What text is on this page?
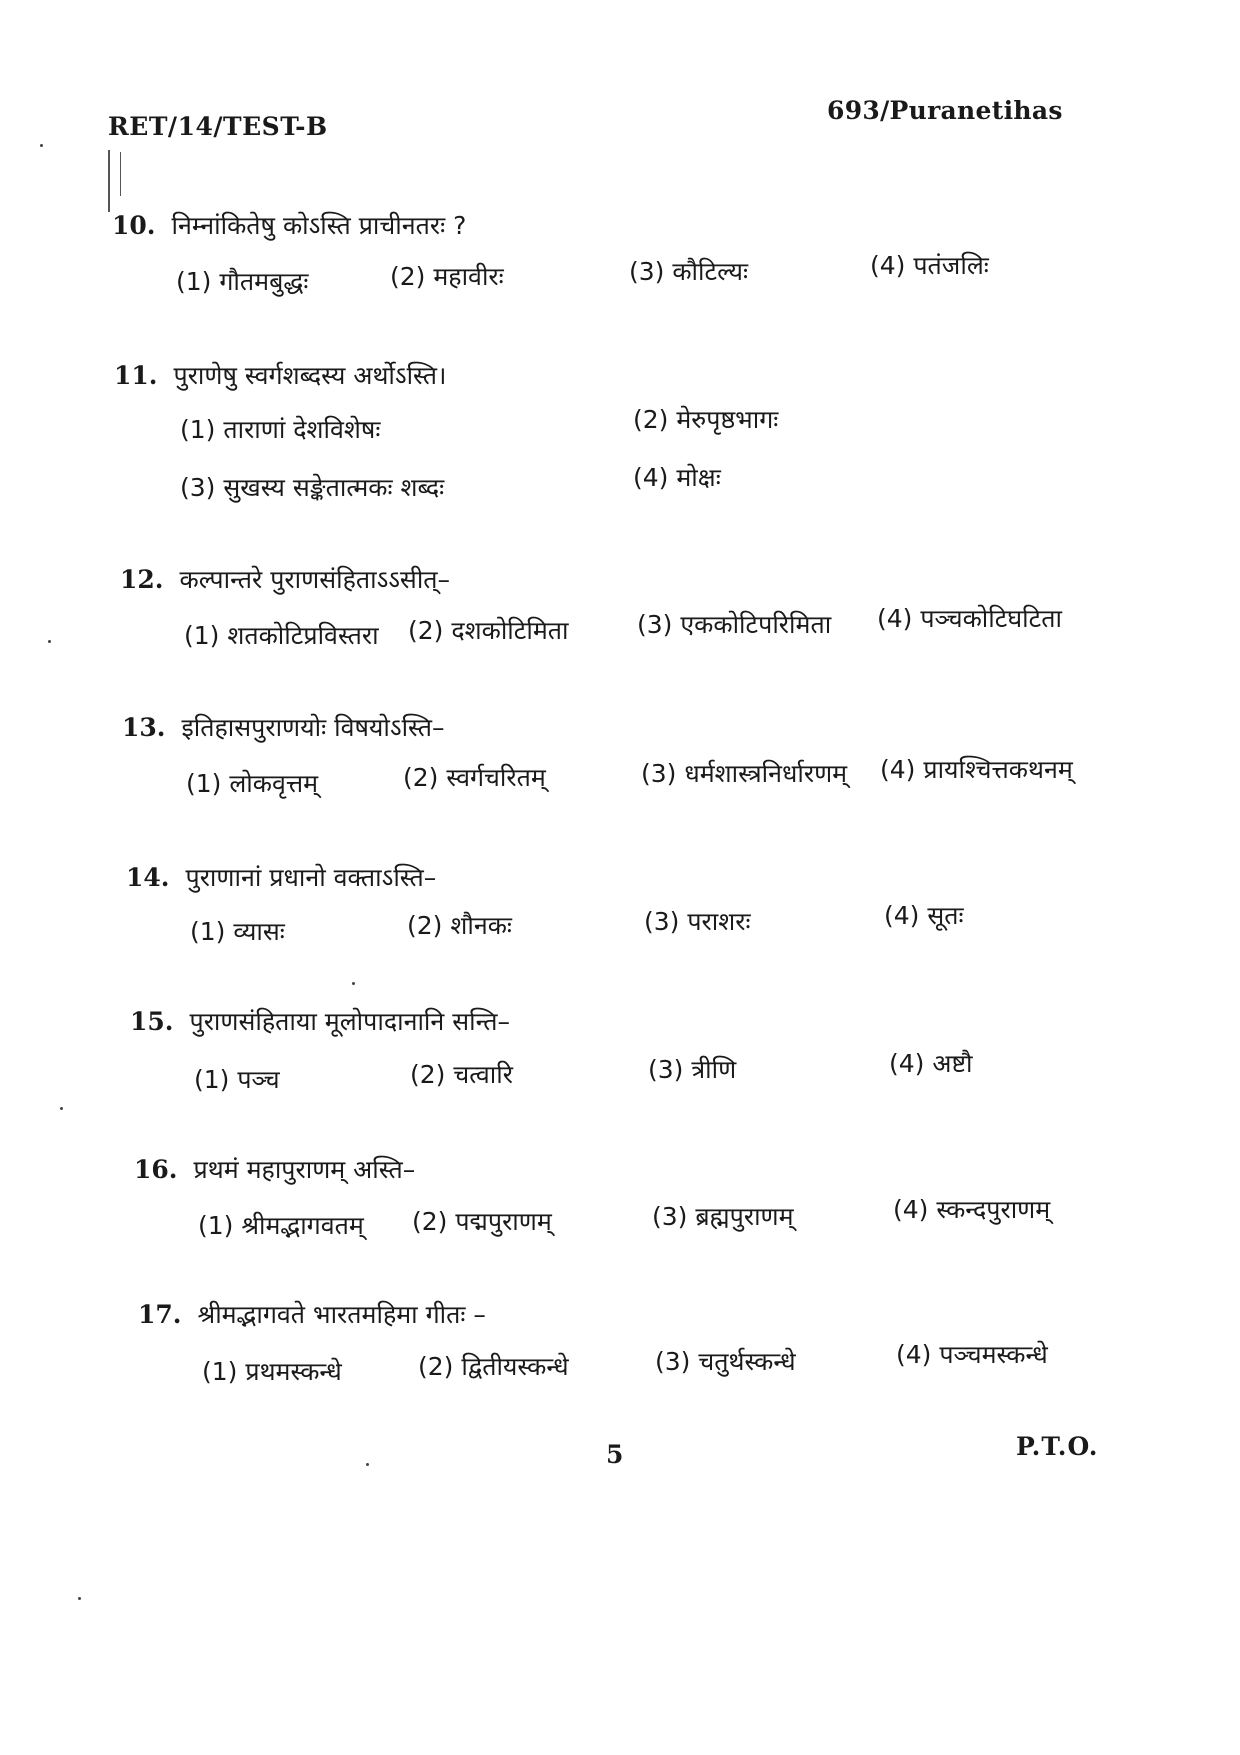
RET/14/TEST-B
693/Puranetihas
10. निम्नांकितेषु कोऽस्ति प्राचीनतरः ?
(1) गौतमबुद्धः	(2) महावीरः	(3) कौटिल्यः	(4) पतंजलिः
11. पुराणेषु स्वर्गशब्दस्य अर्थोऽस्ति।
(1) ताराणां देशविशेषः	(2) मेरुपृष्ठभागः
(3) सुखस्य सङ्केतात्मकः शब्दः	(4) मोक्षः
12. कल्पान्तरे पुराणसंहिताऽऽसीत्–
(1) शतकोटिप्रविस्तरा (2) दशकोटिमिता	(3) एककोटिपरिमिता (4) पञ्चकोटिघटिता
13. इतिहासपुराणयोः विषयोऽस्ति–
(1) लोकवृत्तम्	(2) स्वर्गचरितम्	(3) धर्मशास्त्रनिर्धारणम् (4) प्रायश्चित्तकथनम्
14. पुराणानां प्रधानो वक्ताऽस्ति–
(1) व्यासः	(2) शौनकः	(3) पराशरः	(4) सूतः
15. पुराणसंहिताया मूलोपादानानि सन्ति–
(1) पञ्च	(2) चत्वारि	(3) त्रीणि	(4) अष्टौ
16. प्रथमं महापुराणम् अस्ति–
(1) श्रीमद्भागवतम् (2) पद्मपुराणम्	(3) ब्रह्मपुराणम्	(4) स्कन्दपुराणम्
17. श्रीमद्भागवते भारतमहिमा गीतः –
(1) प्रथमस्कन्धे	(2) द्वितीयस्कन्धे	(3) चतुर्थस्कन्धे	(4) पञ्चमस्कन्धे
5	P.T.O.
